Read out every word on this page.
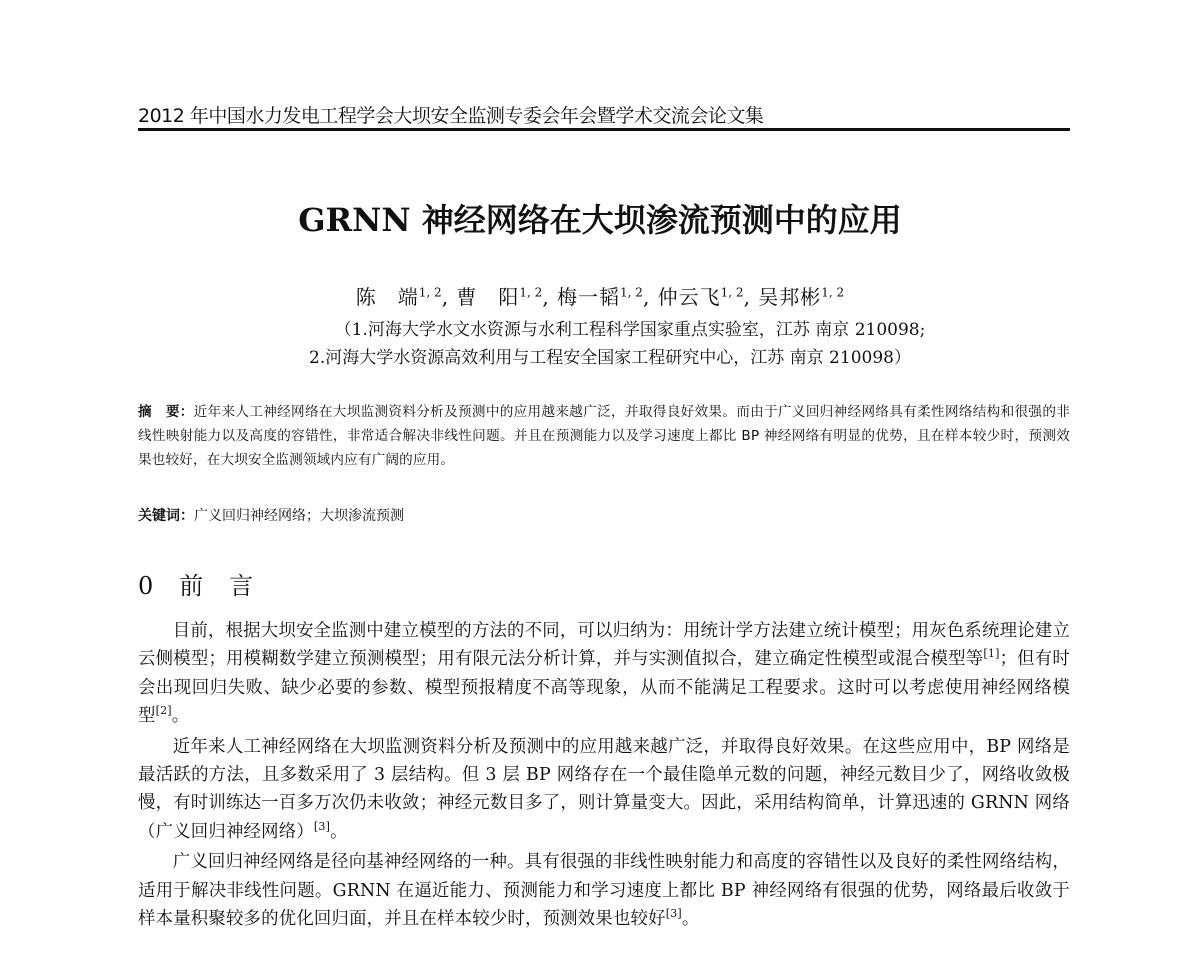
2012 年中国水力发电工程学会大坝安全监测专委会年会暨学术交流会论文集
GRNN 神经网络在大坝渗流预测中的应用
陈　端$^{1, 2}$, 曹　阳$^{1, 2}$, 梅一韬$^{1, 2}$, 仲云飞$^{1, 2}$, 吴邦彬$^{1, 2}$
（1.河海大学水文水资源与水利工程科学国家重点实验室，江苏 南京 210098;
2.河海大学水资源高效利用与工程安全国家工程研究中心，江苏 南京 210098）
摘　要：近年来人工神经网络在大坝监测资料分析及预测中的应用越来越广泛，并取得良好效果。而由于广义回归神经网络具有柔性网络结构和很强的非线性映射能力以及高度的容错性，非常适合解决非线性问题。并且在预测能力以及学习速度上都比 BP 神经网络有明显的优势，且在样本较少时，预测效果也较好，在大坝安全监测领域内应有广阔的应用。
关键词：广义回归神经网络；大坝渗流预测
0 前言

目前，根据大坝安全监测中建立模型的方法的不同，可以归纳为：用统计学方法建立统计模型；用灰色系统理论建立云侧模型；用模糊数学建立预测模型；用有限元法分析计算，并与实测值拟合，建立确定性模型或混合模型等[1]；但有时会出现回归失败、缺少必要的参数、模型预报精度不高等现象，从而不能满足工程要求。这时可以考虑使用神经网络模型[2]。

近年来人工神经网络在大坝监测资料分析及预测中的应用越来越广泛，并取得良好效果。在这些应用中，BP 网络是最活跃的方法，且多数采用了 3 层结构。但 3 层 BP 网络存在一个最佳隐单元数的问题，神经元数目少了，网络收敛极慢，有时训练达一百多万次仍未收敛；神经元数目多了，则计算量变大。因此，采用结构简单，计算迅速的 GRNN 网络（广义回归神经网络）[3]。

广义回归神经网络是径向基神经网络的一种。具有很强的非线性映射能力和高度的容错性以及良好的柔性网络结构，适用于解决非线性问题。GRNN 在逼近能力、预测能力和学习速度上都比 BP 神经网络有很强的优势，网络最后收敛于样本量积聚较多的优化回归面，并且在样本较少时，预测效果也较好[3]。
